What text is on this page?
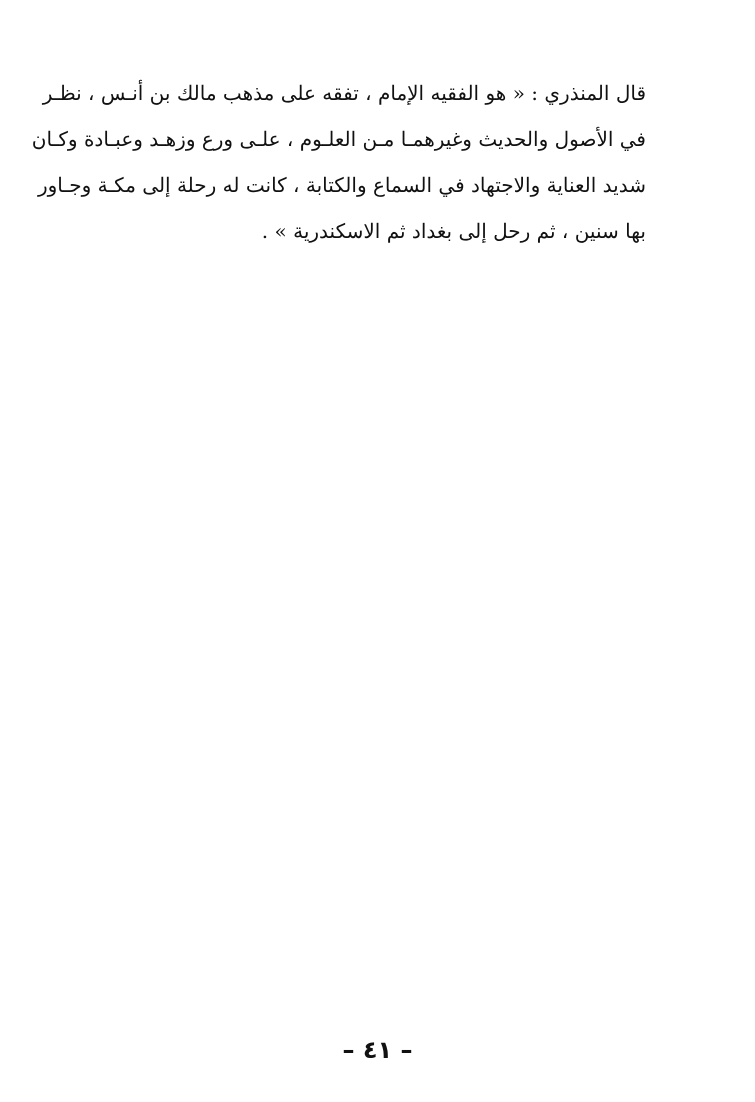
قال المنذري : « هو الفقيه الإمام ، تفقه على مذهب مالك بن أنـس ، نظـر
في الأصول والحديث وغيرهمـا مـن العلـوم ، علـى ورع وزهـد وعبـادة وكـان
شديد العناية والاجتهاد في السماع والكتابة ، كانت له رحلة إلى مكـة وجـاور
بها سنين ، ثم رحل إلى بغداد ثم الاسكندرية » .
– ٤١ –
